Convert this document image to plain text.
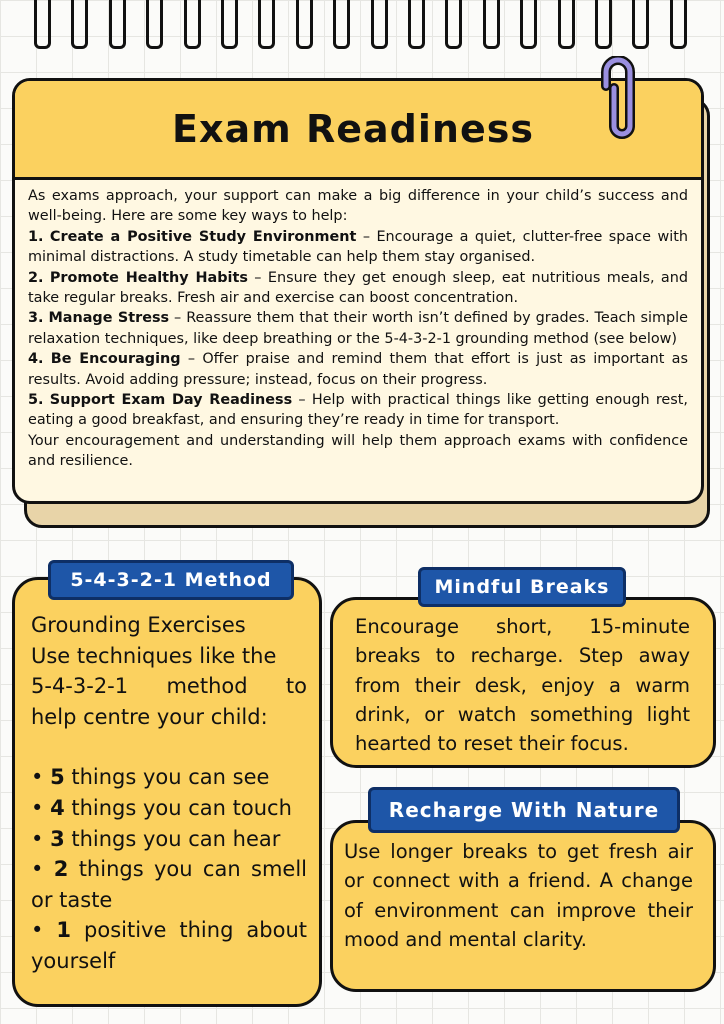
Exam Readiness

As exams approach, your support can make a big difference in your child’s success and well-being. Here are some key ways to help:

1. Create a Positive Study Environment – Encourage a quiet, clutter-free space with minimal distractions. A study timetable can help them stay organised.

2. Promote Healthy Habits – Ensure they get enough sleep, eat nutritious meals, and take regular breaks. Fresh air and exercise can boost concentration.

3. Manage Stress – Reassure them that their worth isn’t defined by grades. Teach simple relaxation techniques, like deep breathing or the 5-4-3-2-1 grounding method (see below)

4. Be Encouraging – Offer praise and remind them that effort is just as important as results. Avoid adding pressure; instead, focus on their progress.

5. Support Exam Day Readiness – Help with practical things like getting enough rest, eating a good breakfast, and ensuring they’re ready in time for transport.

Your encouragement and understanding will help them approach exams with confidence and resilience.

Grounding Exercises

Use techniques like the

5-4-3-2-1 method to

help centre your child:

• 5 things you can see

• 4 things you can touch

• 3 things you can hear

• 2 things you can smell or taste

• 1 positive thing about yourself

5-4-3-2-1 Method
Encourage short, 15-minute breaks to recharge. Step away from their desk, enjoy a warm drink, or watch something light hearted to reset their focus.
Mindful Breaks
Use longer breaks to get fresh air or connect with a friend. A change of environment can improve their mood and mental clarity.
Recharge With Nature
